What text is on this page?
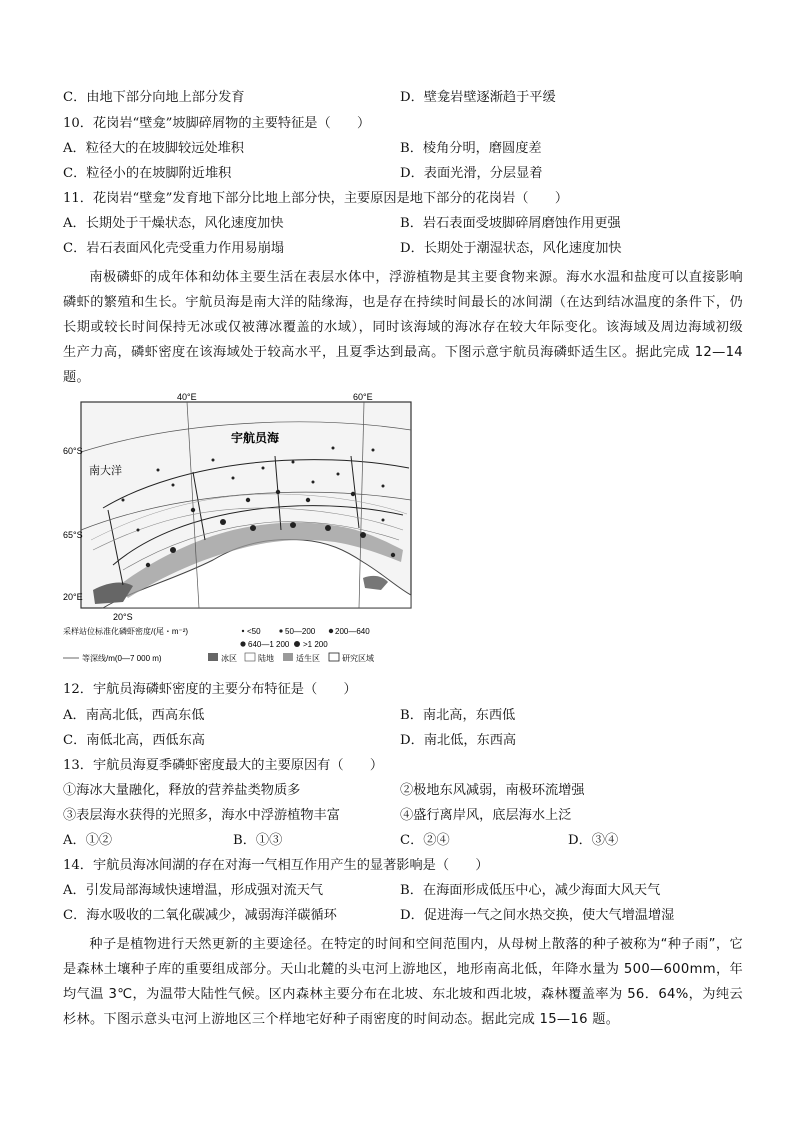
C．由地下部分向地上部分发育	D．壁龛岩壁逐渐趋于平缓
10．花岗岩“壁龛”坡脚碎屑物的主要特征是（　　）
A．粒径大的在坡脚较远处堆积	B．棱角分明，磨圆度差
C．粒径小的在坡脚附近堆积	D．表面光滑，分层显着
11．花岗岩“壁龛”发育地下部分比地上部分快，主要原因是地下部分的花岗岩（　　）
A．长期处于干燥状态，风化速度加快	B．岩石表面受坡脚碎屑磨蚀作用更强
C．岩石表面风化壳受重力作用易崩塌	D．长期处于潮湿状态，风化速度加快

南极磷虾的成年体和幼体主要生活在表层水体中，浮游植物是其主要食物来源。海水水温和盐度可以直接影响磷虾的繁殖和生长。宇航员海是南大洋的陆缘海，也是存在持续时间最长的冰间湖（在达到结冰温度的条件下，仍长期或较长时间保持无冰或仅被薄冰覆盖的水域），同时该海域的海冰存在较大年际变化。该海域及周边海域初级生产力高，磷虾密度在该海域处于较高水平，且夏季达到最高。下图示意宇航员海磷虾适生区。据此完成 12—14 题。

40°E	60°E
60°S
65°S
20°E
20°S
宇航员海
南大洋
采样站位标准化磷虾密度/(尾・m⁻²)	<50	50—200 200—640
640—1 200 >1 200
等深线/m(0—7 000 m)	冰区	陆地	适生区	研究区域
12．宇航员海磷虾密度的主要分布特征是（　　）
A．南高北低，西高东低	B．南北高，东西低
C．南低北高，西低东高	D．南北低，东西高
13．宇航员海夏季磷虾密度最大的主要原因有（　　）
①海冰大量融化，释放的营养盐类物质多	②极地东风减弱，南极环流增强
③表层海水获得的光照多，海水中浮游植物丰富	④盛行离岸风，底层海水上泛
A．①②	B．①③	C．②④	D．③④
14．宇航员海冰间湖的存在对海一气相互作用产生的显著影响是（　　）
A．引发局部海域快速增温，形成强对流天气	B．在海面形成低压中心，减少海面大风天气
C．海水吸收的二氧化碳减少，减弱海洋碳循环	D．促进海一气之间水热交换，使大气增温增湿

种子是植物进行天然更新的主要途径。在特定的时间和空间范围内，从母树上散落的种子被称为“种子雨”，它是森林土壤种子库的重要组成部分。天山北麓的头屯河上游地区，地形南高北低，年降水量为 500—600mm，年均气温 3℃，为温带大陆性气候。区内森林主要分布在北坡、东北坡和西北坡，森林覆盖率为 56．64%，为纯云杉林。下图示意头屯河上游地区三个样地宅好种子雨密度的时间动态。据此完成 15—16 题。
